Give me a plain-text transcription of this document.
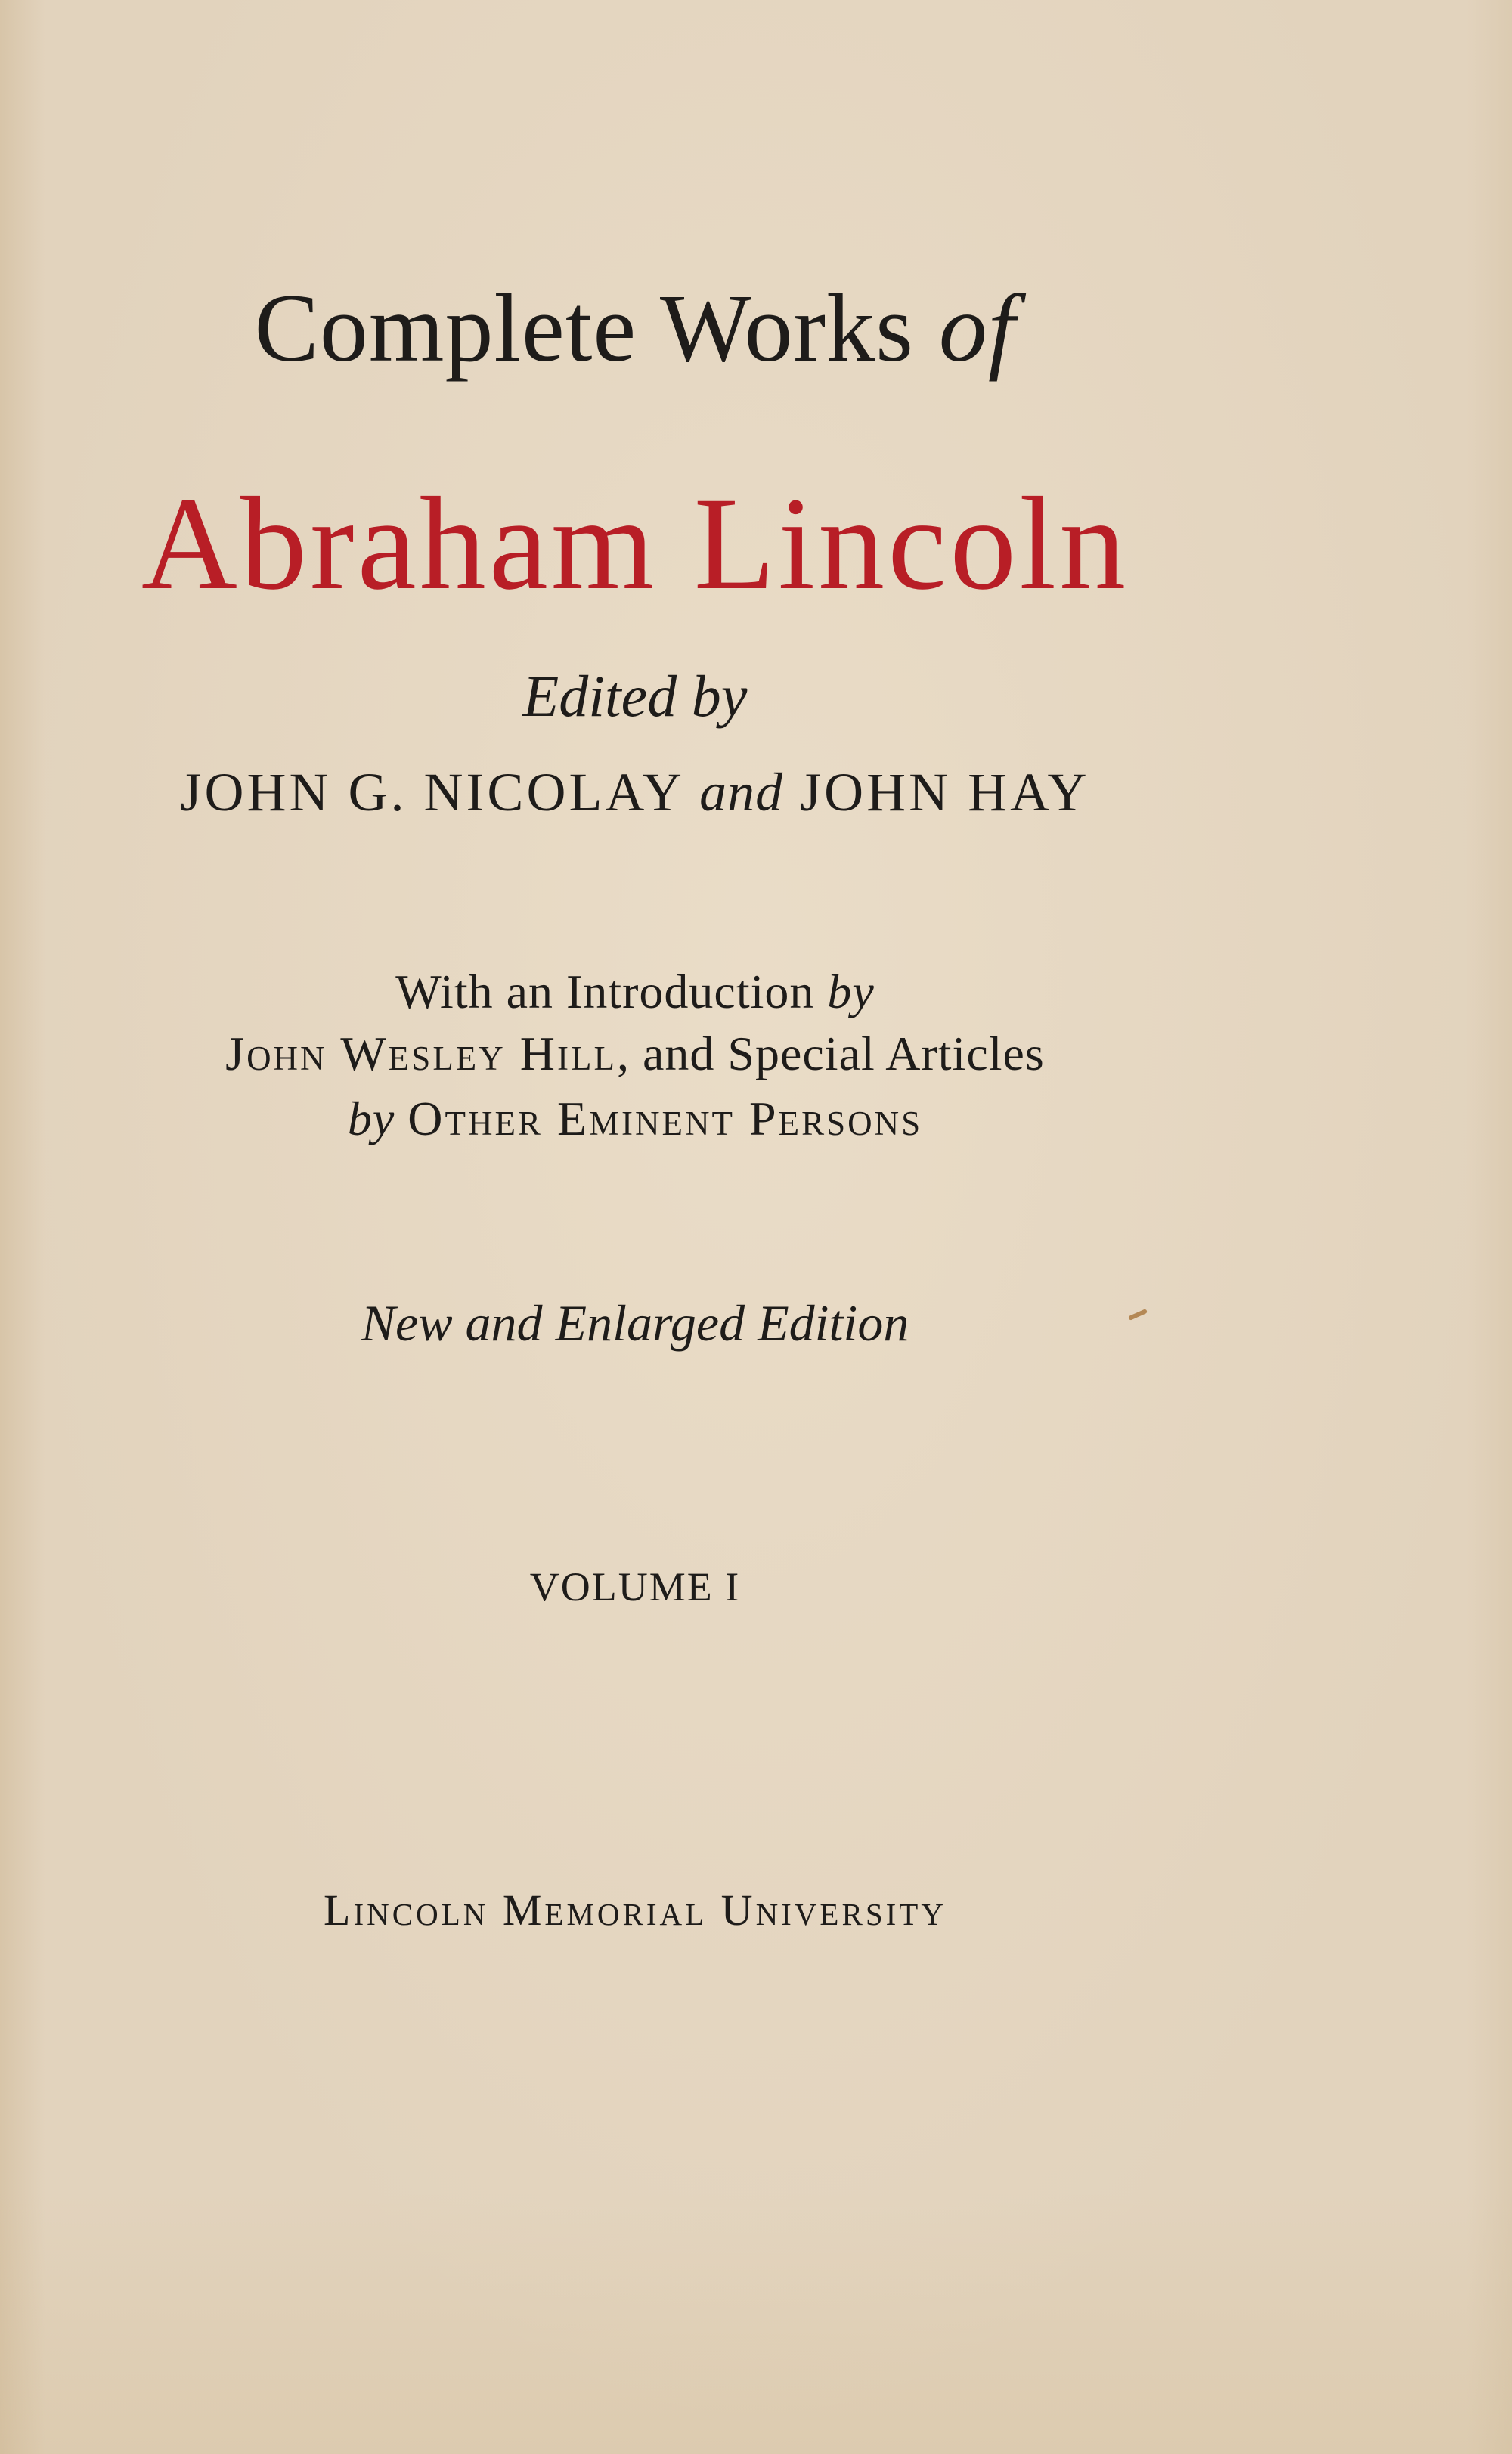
Complete Works of
Abraham Lincoln
Edited by
JOHN G. NICOLAY and JOHN HAY
With an Introduction by
John Wesley Hill, and Special Articles
by Other Eminent Persons
New and Enlarged Edition
VOLUME I
Lincoln Memorial University
